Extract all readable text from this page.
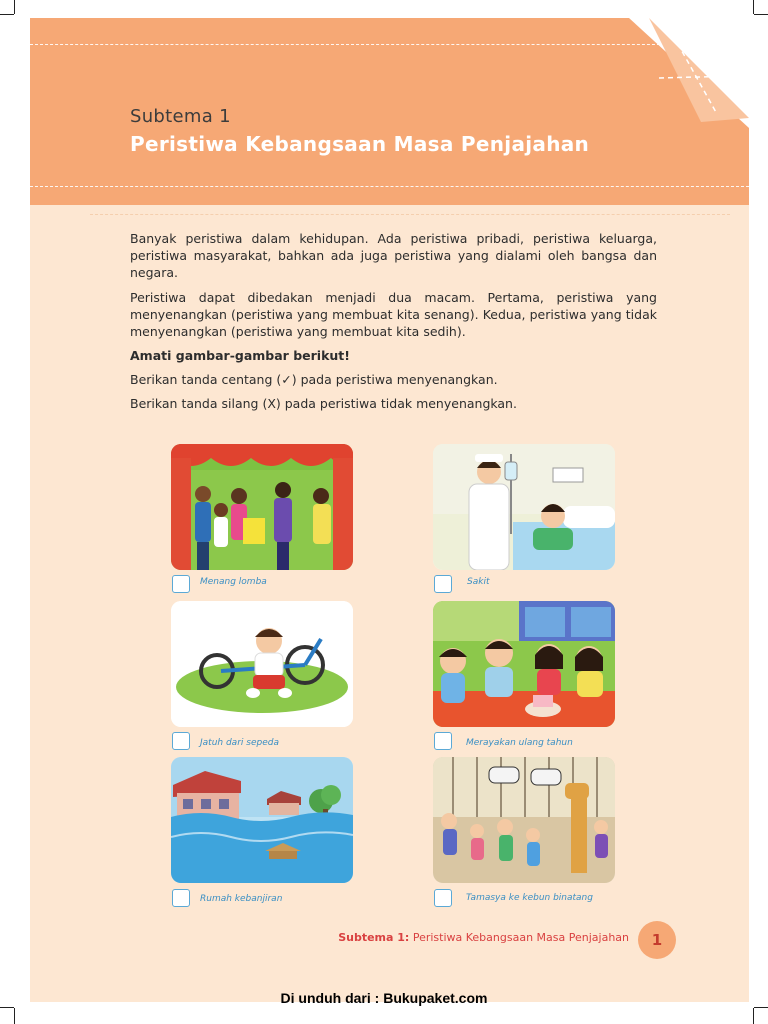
Subtema 1
Peristiwa Kebangsaan Masa Penjajahan

Banyak peristiwa dalam kehidupan. Ada peristiwa pribadi, peristiwa keluarga, peristiwa masyarakat, bahkan ada juga peristiwa yang dialami oleh bangsa dan negara.

Peristiwa dapat dibedakan menjadi dua macam. Pertama, peristiwa yang menyenangkan (peristiwa yang membuat kita senang). Kedua, peristiwa yang tidak menyenangkan (peristiwa yang membuat kita sedih).

Amati gambar-gambar berikut!

Berikan tanda centang (✓) pada peristiwa menyenangkan.

Berikan tanda silang (X) pada peristiwa tidak menyenangkan.

Menang lomba	Sakit
Jatuh dari sepeda	Merayakan ulang tahun
Rumah kebanjiran	Tamasya ke kebun binatang
Subtema 1: Peristiwa Kebangsaan Masa Penjajahan	1
Di unduh dari : Bukupaket.com
